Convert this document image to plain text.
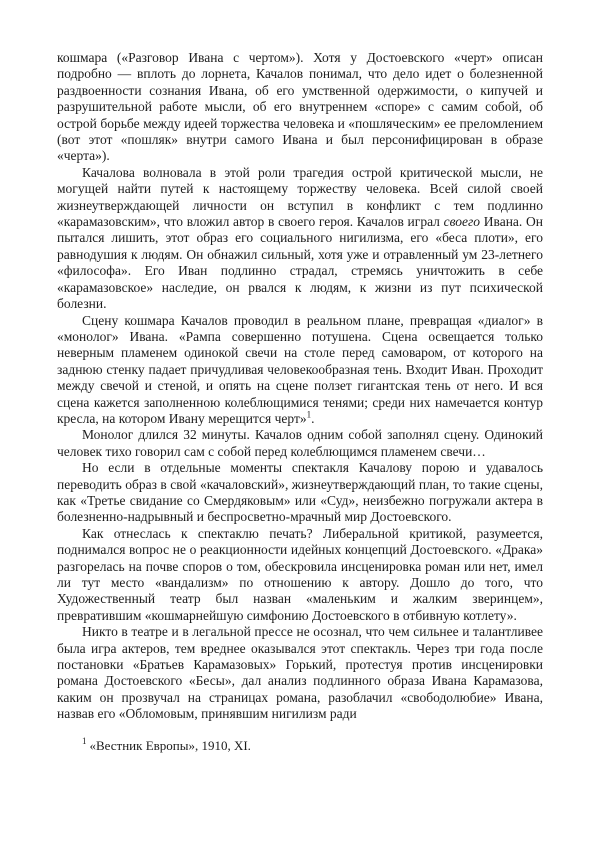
кошмара («Разговор Ивана с чертом»). Хотя у Достоевского «черт» описан подробно — вплоть до лорнета, Качалов понимал, что дело идет о болезненной раздвоенности сознания Ивана, об его умственной одержимости, о кипучей и разрушительной работе мысли, об его внутреннем «споре» с самим собой, об острой борьбе между идеей торжества человека и «пошляческим» ее преломлением (вот этот «пошляк» внутри самого Ивана и был персонифицирован в образе «черта»).

Качалова волновала в этой роли трагедия острой критической мысли, не могущей найти путей к настоящему торжеству человека. Всей силой своей жизнеутверждающей личности он вступил в конфликт с тем подлинно «карамазовским», что вложил автор в своего героя. Качалов играл своего Ивана. Он пытался лишить, этот образ его социального нигилизма, его «беса плоти», его равнодушия к людям. Он обнажил сильный, хотя уже и отравленный ум 23-летнего «философа». Его Иван подлинно страдал, стремясь уничтожить в себе «карамазовское» наследие, он рвался к людям, к жизни из пут психической болезни.

Сцену кошмара Качалов проводил в реальном плане, превращая «диалог» в «монолог» Ивана. «Рампа совершенно потушена. Сцена освещается только неверным пламенем одинокой свечи на столе перед самоваром, от которого на заднюю стенку падает причудливая человекообразная тень. Входит Иван. Проходит между свечой и стеной, и опять на сцене ползет гигантская тень от него. И вся сцена кажется заполненною колеблющимися тенями; среди них намечается контур кресла, на котором Ивану мерещится черт»$^1$.

Монолог длился 32 минуты. Качалов одним собой заполнял сцену. Одинокий человек тихо говорил сам с собой перед колеблющимся пламенем свечи…

Но если в отдельные моменты спектакля Качалову порою и удавалось переводить образ в свой «качаловский», жизнеутверждающий план, то такие сцены, как «Третье свидание со Смердяковым» или «Суд», неизбежно погружали актера в болезненно-надрывный и беспросветно-мрачный мир Достоевского.

Как отнеслась к спектаклю печать? Либеральной критикой, разумеется, поднимался вопрос не о реакционности идейных концепций Достоевского. «Драка» разгорелась на почве споров о том, обескровила инсценировка роман или нет, имел ли тут место «вандализм» по отношению к автору. Дошло до того, что Художественный театр был назван «маленьким и жалким зверинцем», превратившим «кошмарнейшую симфонию Достоевского в отбивную котлету».

Никто в театре и в легальной прессе не осознал, что чем сильнее и талантливее была игра актеров, тем вреднее оказывался этот спектакль. Через три года после постановки «Братьев Карамазовых» Горький, протестуя против инсценировки романа Достоевского «Бесы», дал анализ подлинного образа Ивана Карамазова, каким он прозвучал на страницах романа, разоблачил «свободолюбие» Ивана, назвав его «Обломовым, принявшим нигилизм ради

$^1$ «Вестник Европы», 1910, XI.
